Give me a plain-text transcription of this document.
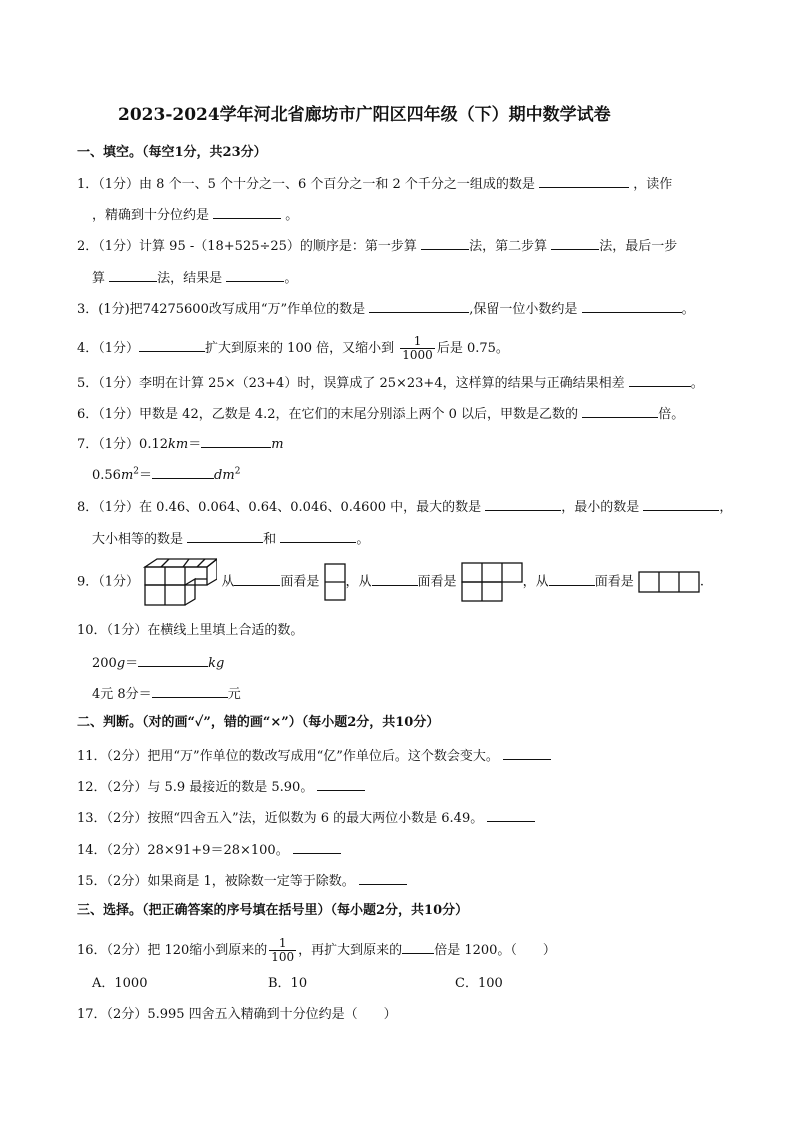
2023-2024学年河北省廊坊市广阳区四年级（下）期中数学试卷
一、填空。（每空1分，共23分）
1．（1分）由 8 个一、5 个十分之一、6 个百分之一和 2 个千分之一组成的数是	，读作
，精确到十分位约是	。
2．（1分）计算 95 -（18+525÷25）的顺序是：第一步算	法，第二步算	法，最后一步
算	法，结果是	。
3．(1分)把74275600改写成用“万”作单位的数是	,保留一位小数约是	。
4．（1分）	扩大到原来的 100 倍，又缩小到 $\frac{1}{1000}$ 后是 0.75。
5．（1分）李明在计算 25×（23+4）时，误算成了 25×23+4，这样算的结果与正确结果相差	。
6．（1分）甲数是 42，乙数是 4.2，在它们的末尾分别添上两个 0 以后，甲数是乙数的	倍。
7．（1分）0.12km＝	m
$0.56m^2=$	$dm^2$
8．（1分）在 0.46、0.064、0.64、0.046、0.4600 中，最大的数是	，最小的数是	，
大小相等的数是	和	。
9．（1分）	从	面看是 ，从	面看是	，从	面看是	.
10．（1分）在横线上里填上合适的数。
200g＝	kg
4元 8分＝	元
二、判断。（对的画“✓”，错的画“×”）（每小题2分，共10分）
11．（2分）把用“万”作单位的数改写成用“亿”作单位后。这个数会变大。
12．（2分）与 5.9 最接近的数是 5.90。
13．（2分）按照“四舍五入”法，近似数为 6 的最大两位小数是 6.49。
14．（2分）28×91+9＝28×100。
15．（2分）如果商是 1，被除数一定等于除数。
三、选择。（把正确答案的序号填在括号里）（每小题2分，共10分）
16．（2分）把 120缩小到原来的 $\frac{1}{100}$ ，再扩大到原来的 倍是 1200。（　　）
A．1000	B．10	C．100
17．（2分）5.995 四舍五入精确到十分位约是（　　）
